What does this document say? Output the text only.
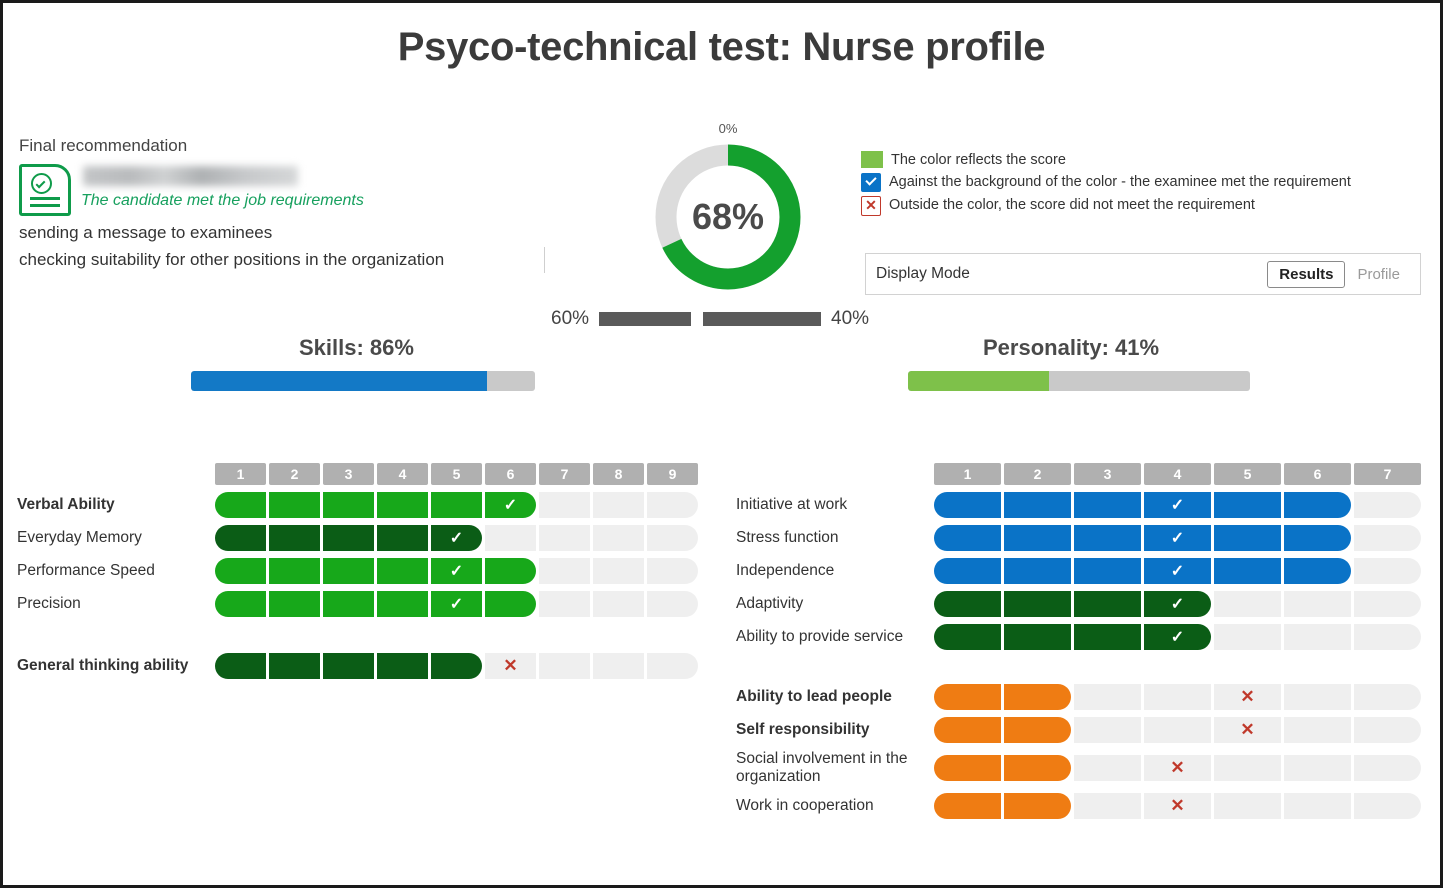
Psyco-technical test: Nurse profile
Final recommendation
The candidate met the job requirements
sending a message to examinees
checking suitability for other positions in the organization
0%
68%
60%	40%
The color reflects the score
Against the background of the color - the examinee met the requirement
✕ Outside the color, the score did not meet the requirement
Display Mode	Results	Profile
Skills: 86%	Personality: 41%
1	2	3	4	5	6	7	8	9
Verbal Ability	✓
Everyday Memory	✓
Performance Speed	✓
Precision	✓
General thinking ability	✕
1	2	3	4	5	6	7
Initiative at work	✓
Stress function	✓
Independence	✓
Adaptivity	✓
Ability to provide service	✓
Ability to lead people	✕
Self responsibility	✕
Social involvement in the organization	✕
Work in cooperation	✕
